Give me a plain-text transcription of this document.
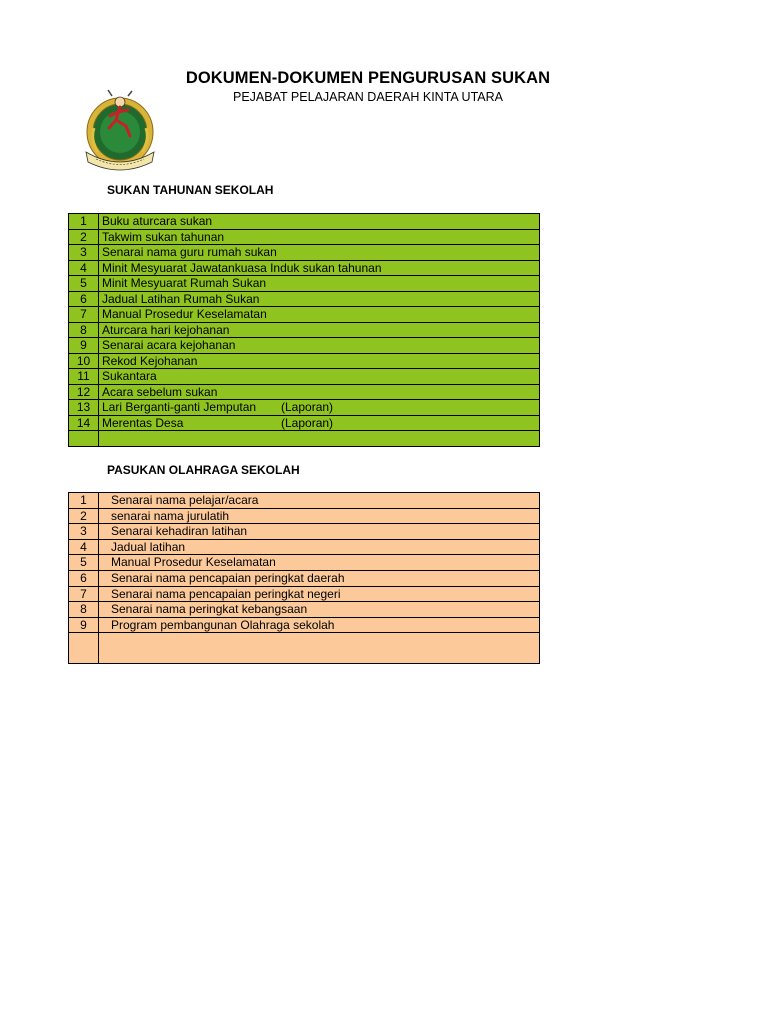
DOKUMEN-DOKUMEN PENGURUSAN SUKAN
PEJABAT PELAJARAN DAERAH KINTA UTARA
SUKAN TAHUNAN SEKOLAH
1	Buku aturcara sukan
2	Takwim sukan tahunan
3	Senarai nama guru rumah sukan
4	Minit Mesyuarat Jawatankuasa Induk sukan tahunan
5	Minit Mesyuarat Rumah Sukan
6	Jadual Latihan Rumah Sukan
7	Manual Prosedur Keselamatan
8	Aturcara hari kejohanan
9	Senarai acara kejohanan
10	Rekod Kejohanan
11	Sukantara
12	Acara sebelum sukan
13	Lari Berganti-ganti Jemputan (Laporan)

14	Merentas Desa (Laporan)

PASUKAN OLAHRAGA SEKOLAH
1	Senarai nama pelajar/acara
2	senarai nama jurulatih
3	Senarai kehadiran latihan
4	Jadual latihan
5	Manual Prosedur Keselamatan
6	Senarai nama pencapaian peringkat daerah
7	Senarai nama pencapaian peringkat negeri
8	Senarai nama peringkat kebangsaan
9	Program pembangunan Olahraga sekolah
